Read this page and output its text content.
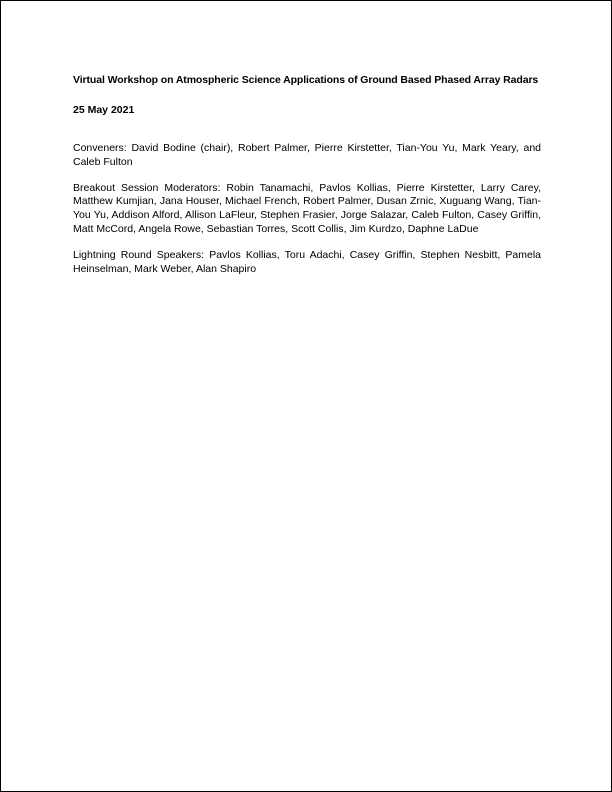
Virtual Workshop on Atmospheric Science Applications of Ground Based Phased Array Radars

25 May 2021

Conveners: David Bodine (chair), Robert Palmer, Pierre Kirstetter, Tian-You Yu, Mark Yeary, and Caleb Fulton

Breakout Session Moderators: Robin Tanamachi, Pavlos Kollias, Pierre Kirstetter, Larry Carey, Matthew Kumjian, Jana Houser, Michael French, Robert Palmer, Dusan Zrnic, Xuguang Wang, Tian-You Yu, Addison Alford, Allison LaFleur, Stephen Frasier, Jorge Salazar, Caleb Fulton, Casey Griffin, Matt McCord, Angela Rowe, Sebastian Torres, Scott Collis, Jim Kurdzo, Daphne LaDue

Lightning Round Speakers: Pavlos Kollias, Toru Adachi, Casey Griffin, Stephen Nesbitt, Pamela Heinselman, Mark Weber, Alan Shapiro
